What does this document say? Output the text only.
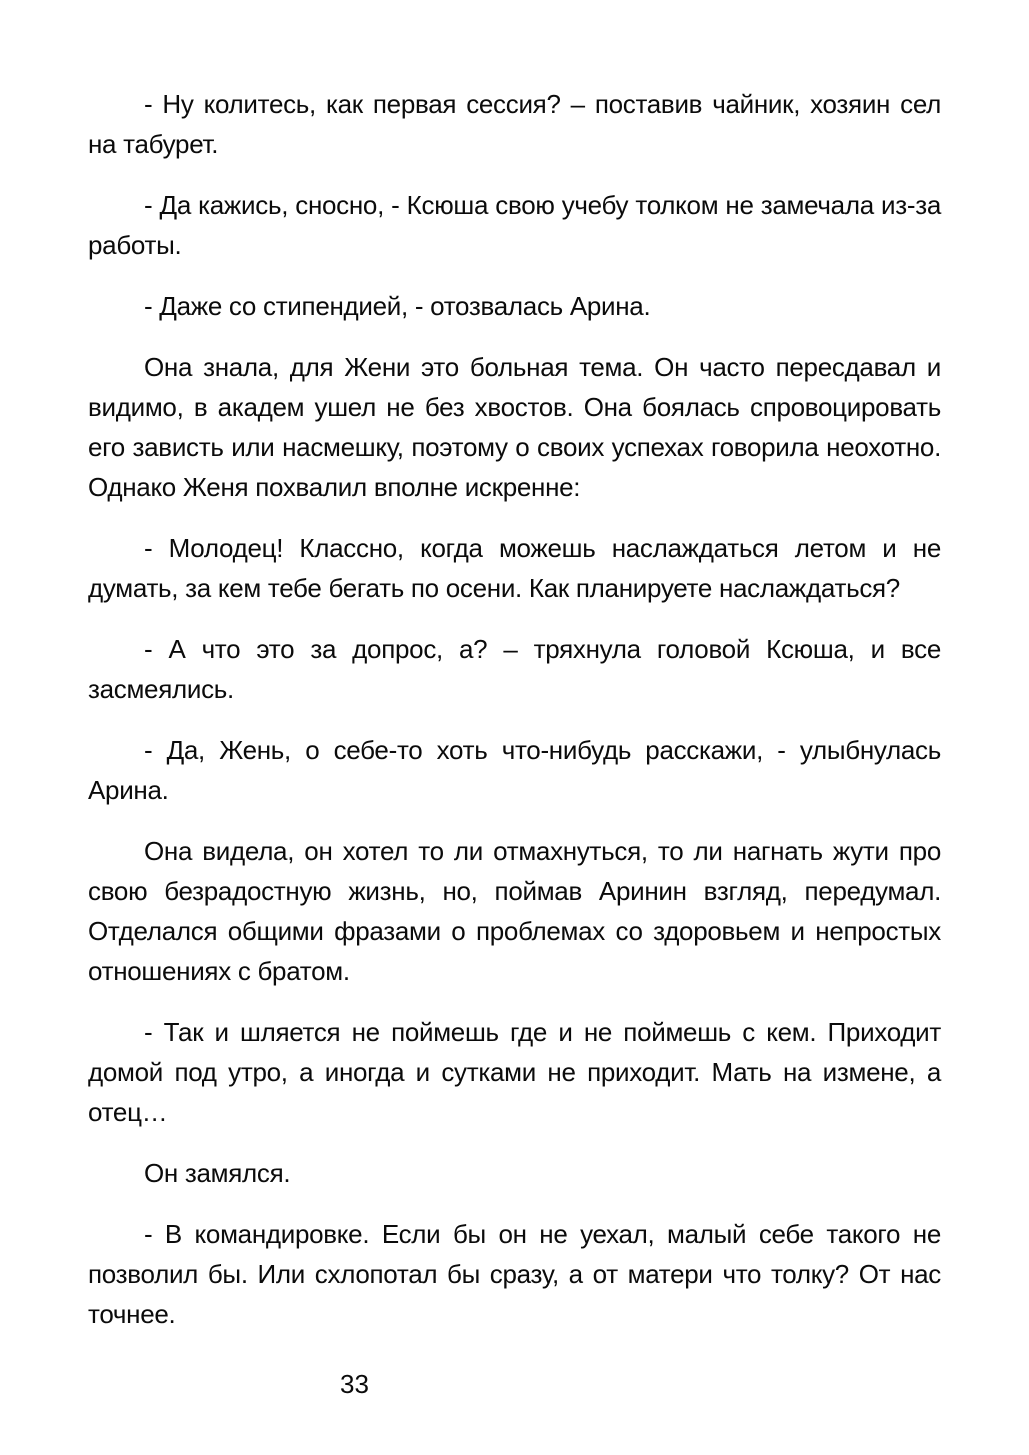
- Ну колитесь, как первая сессия? – поставив чайник, хозяин сел на табурет.

- Да кажись, сносно, - Ксюша свою учебу толком не замечала из-за работы.

- Даже со стипендией, - отозвалась Арина.

Она знала, для Жени это больная тема. Он часто пересдавал и видимо, в академ ушел не без хвостов. Она боялась спровоцировать его зависть или насмешку, поэтому о своих успехах говорила неохотно. Однако Женя похвалил вполне искренне:

- Молодец! Классно, когда можешь наслаждаться летом и не думать, за кем тебе бегать по осени. Как планируете наслаждаться?

- А что это за допрос, а? – тряхнула головой Ксюша, и все засмеялись.

- Да, Жень, о себе-то хоть что-нибудь расскажи, - улыбнулась Арина.

Она видела, он хотел то ли отмахнуться, то ли нагнать жути про свою безрадостную жизнь, но, поймав Аринин взгляд, передумал. Отделался общими фразами о проблемах со здоровьем и непростых отношениях с братом.

- Так и шляется не поймешь где и не поймешь с кем. Приходит домой под утро, а иногда и сутками не приходит. Мать на измене, а отец…

Он замялся.

- В командировке. Если бы он не уехал, малый себе такого не позволил бы. Или схлопотал бы сразу, а от матери что толку? От нас точнее.

33
